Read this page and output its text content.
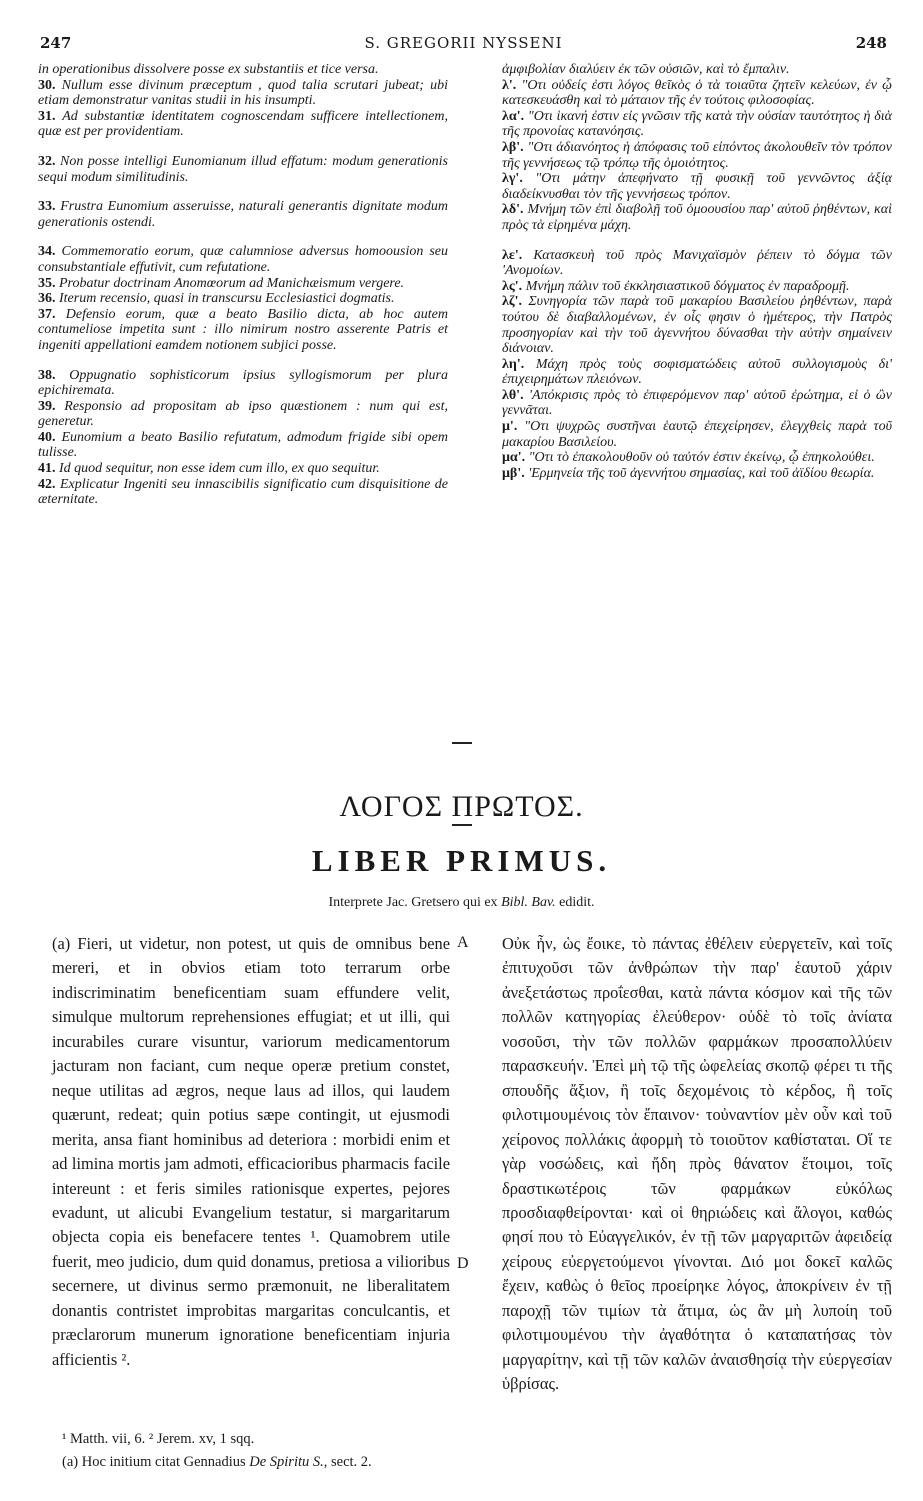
247	S. GREGORII NYSSENI	248

in operationibus dissolvere posse ex substantiis et tice versa.

30. Nullum esse divinum præceptum , quod talia scrutari jubeat; ubi etiam demonstratur vanitas studii in his insumpti.

31. Ad substantiæ identitatem cognoscendam sufficere intellectionem, quæ est per providentiam.

32. Non posse intelligi Eunomianum illud effatum: modum generationis sequi modum similitudinis.

33. Frustra Eunomium asseruisse, naturali generantis dignitate modum generationis ostendi.

34. Commemoratio eorum, quæ calumniose adversus homoousion seu consubstantiale effutivit, cum refutatione.

35. Probatur doctrinam Anomœorum ad Manichæismum vergere.

36. Iterum recensio, quasi in transcursu Ecclesiastici dogmatis.

37. Defensio eorum, quæ a beato Basilio dicta, ab hoc autem contumeliose impetita sunt : illo nimirum nostro asserente Patris et ingeniti appellationi eamdem notionem subjici posse.

38. Oppugnatio sophisticorum ipsius syllogismorum per plura epichiremata.

39. Responsio ad propositam ab ipso quæstionem : num qui est, generetur.

40. Eunomium a beato Basilio refutatum, admodum frigide sibi opem tulisse.

41. Id quod sequitur, non esse idem cum illo, ex quo sequitur.

42. Explicatur Ingeniti seu innascibilis significatio cum disquisitione de æternitate.

ἀμφιβολίαν διαλύειν ἐκ τῶν οὐσιῶν, καὶ τὸ ἔμπαλιν.

λ'. "Οτι οὐδείς ἐστι λόγος θεῖκὸς ὁ τὰ τοιαῦτα ζητεῖν κελεύων, ἐν ᾧ κατεσκευάσθη καὶ τὸ μάταιον τῆς ἐν τούτοις φιλοσοφίας.

λα'. "Οτι ἱκανή ἐστιν εἰς γνῶσιν τῆς κατὰ τὴν οὐσίαν ταυτότητος ἡ διὰ τῆς προνοίας κατανόησις.

λβ'. "Οτι ἀδιανόητος ἡ ἀπόφασις τοῦ εἰπόντος ἀκολουθεῖν τὸν τρόπον τῆς γεννήσεως τῷ τρόπῳ τῆς ὁμοιότητος.

λγ'. "Οτι μάτην ἀπεφήνατο τῇ φυσικῇ τοῦ γεννῶντος ἀξίᾳ διαδείκνυσθαι τὸν τῆς γεννήσεως τρόπον.

λδ'. Μνήμη τῶν ἐπὶ διαβολῇ τοῦ ὁμοουσίου παρ' αὐτοῦ ῥηθέντων, καὶ πρὸς τὰ εἰρημένα μάχη.

λε'. Κατασκευὴ τοῦ πρὸς Μανιχαϊσμὸν ῥέπειν τὸ δόγμα τῶν 'Ανομοίων.

λς'. Μνήμη πάλιν τοῦ ἐκκλησιαστικοῦ δόγματος ἐν παραδρομῇ.

λζ'. Συνηγορία τῶν παρὰ τοῦ μακαρίου Βασιλείου ῥηθέντων, παρὰ τούτου δὲ διαβαλλομένων, ἐν οἷς φησιν ὁ ἡμέτερος, τὴν Πατρὸς προσηγορίαν καὶ τὴν τοῦ ἀγεννήτου δύνασθαι τὴν αὐτὴν σημαίνειν διάνοιαν.

λη'. Μάχη πρὸς τοὺς σοφισματώδεις αὐτοῦ συλλογισμοὺς δι' ἐπιχειρημάτων πλειόνων.

λθ'. 'Απόκρισις πρὸς τὸ ἐπιφερόμενον παρ' αὐτοῦ ἐρώτημα, εἰ ὁ ὢν γεννᾶται.

μ'. "Οτι ψυχρῶς συστῆναι ἑαυτῷ ἐπεχείρησεν, ἐλεγχθεὶς παρὰ τοῦ μακαρίου Βασιλείου.

μα'. "Οτι τὸ ἐπακολουθοῦν οὐ ταὐτόν ἐστιν ἐκείνῳ, ᾧ ἐπηκολούθει.

μβ'. 'Ερμηνεία τῆς τοῦ ἀγεννήτου σημασίας, καὶ τοῦ ἀϊδίου θεωρία.

ΛΟΓΟΣ ΠΡΩΤΟΣ.
LIBER PRIMUS.
Interprete Jac. Gretsero qui ex Bibl. Bav. edidit.

(a) Fieri, ut videtur, non potest, ut quis de omnibus bene mereri, et in obvios etiam toto terrarum orbe indiscriminatim beneficentiam suam effundere velit, simulque multorum reprehensiones effugiat; et ut illi, qui incurabiles curare visuntur, variorum medicamentorum jacturam non faciant, cum neque operæ pretium constet, neque utilitas ad ægros, neque laus ad illos, qui laudem quærunt, redeat; quin potius sæpe contingit, ut ejusmodi merita, ansa fiant hominibus ad deteriora : morbidi enim et ad limina mortis jam admoti, efficacioribus pharmacis facile intereunt : et feris similes rationisque expertes, pejores evadunt, ut alicubi Evangelium testatur, si margaritarum objecta copia eis benefacere tentes ¹. Quamobrem utile fuerit, meo judicio, dum quid donamus, pretiosa a vilioribus secernere, ut divinus sermo præmonuit, ne liberalitatem donantis contristet improbitas margaritas conculcantis, et præclarorum munerum ignoratione beneficentiam injuria afficientis ².

A
D

Οὐκ ἦν, ὡς ἔοικε, τὸ πάντας ἐθέλειν εὐεργετεῖν, καὶ τοῖς ἐπιτυχοῦσι τῶν ἀνθρώπων τὴν παρ' ἑαυτοῦ χάριν ἀνεξετάστως προΐεσθαι, κατὰ πάντα κόσμον καὶ τῆς τῶν πολλῶν κατηγορίας ἐλεύθερον· οὐδὲ τὸ τοῖς ἀνίατα νοσοῦσι, τὴν τῶν πολλῶν φαρμάκων προσαπολλύειν παρασκευήν. Ἐπεὶ μὴ τῷ τῆς ὠφελείας σκοπῷ φέρει τι τῆς σπουδῆς ἄξιον, ἢ τοῖς δεχομένοις τὸ κέρδος, ἢ τοῖς φιλοτιμουμένοις τὸν ἔπαινον· τοὐναντίον μὲν οὖν καὶ τοῦ χείρονος πολλάκις ἀφορμὴ τὸ τοιοῦτον καθίσταται. Οἵ τε γὰρ νοσώδεις, καὶ ἤδη πρὸς θάνατον ἕτοιμοι, τοῖς δραστικωτέροις τῶν φαρμάκων εὐκόλως προσδιαφθείρονται· καὶ οἱ θηριώδεις καὶ ἄλογοι, καθώς φησί που τὸ Εὐαγγελικόν, ἐν τῇ τῶν μαργαριτῶν ἀφειδείᾳ χείρους εὐεργετούμενοι γίνονται. Διό μοι δοκεῖ καλῶς ἔχειν, καθὼς ὁ θεῖος προείρηκε λόγος, ἀποκρίνειν ἐν τῇ παροχῇ τῶν τιμίων τὰ ἄτιμα, ὡς ἂν μὴ λυποίη τοῦ φιλοτιμουμένου τὴν ἀγαθότητα ὁ καταπατήσας τὸν μαργαρίτην, καὶ τῇ τῶν καλῶν ἀναισθησίᾳ τὴν εὐεργεσίαν ὑβρίσας.

¹ Matth. vii, 6. ² Jerem. xv, 1 sqq.
(a) Hoc initium citat Gennadius De Spiritu S., sect. 2.
